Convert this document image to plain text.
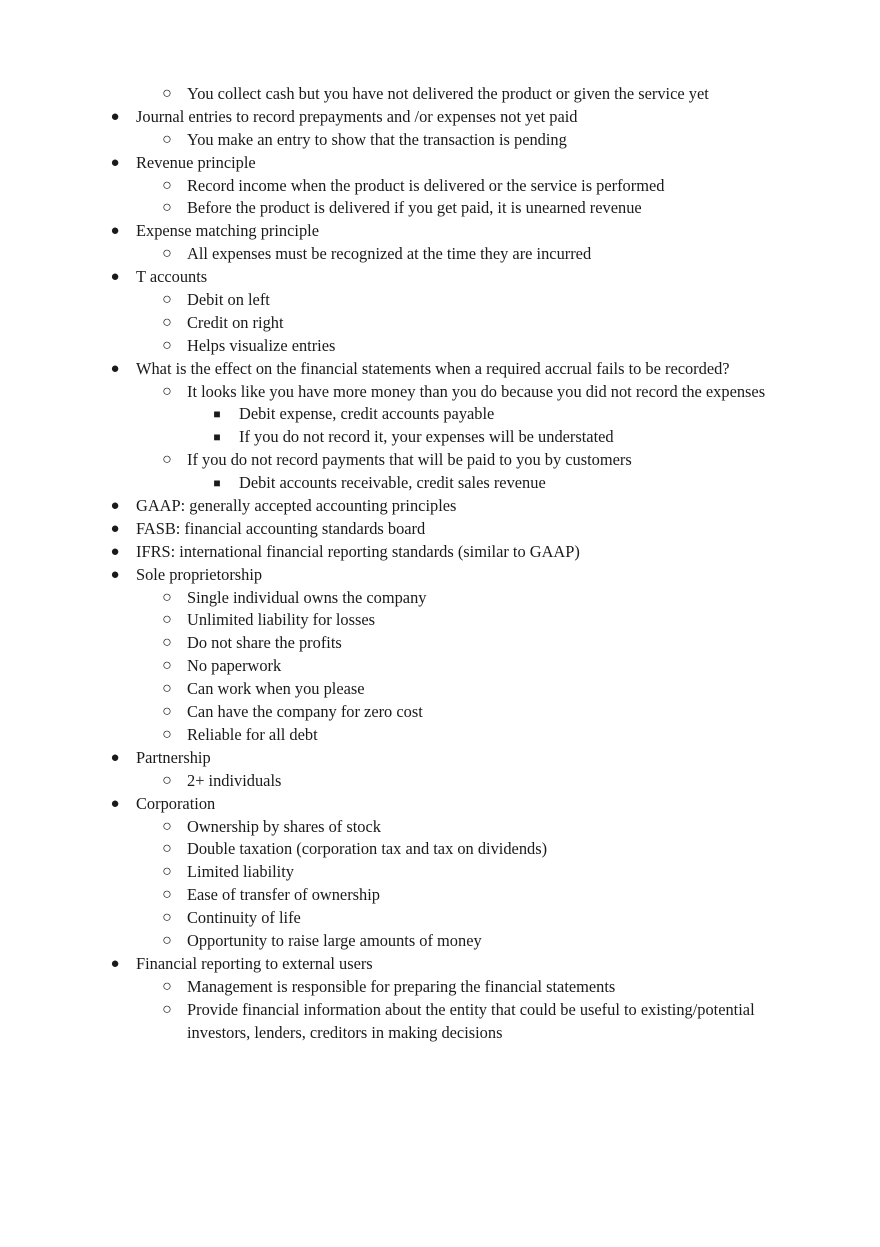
○ You collect cash but you have not delivered the product or given the service yet
●	Journal entries to record prepayments and /or expenses not yet paid
○ You make an entry to show that the transaction is pending
●	Revenue principle
○ Record income when the product is delivered or the service is performed
○ Before the product is delivered if you get paid, it is unearned revenue
●	Expense matching principle
○ All expenses must be recognized at the time they are incurred
●	T accounts
○ Debit on left
○ Credit on right
○ Helps visualize entries
●	What is the effect on the financial statements when a required accrual fails to be recorded?
○ It looks like you have more money than you do because you did not record the expenses
■	Debit expense, credit accounts payable
■	If you do not record it, your expenses will be understated
○ If you do not record payments that will be paid to you by customers
■	Debit accounts receivable, credit sales revenue
●	GAAP: generally accepted accounting principles
●	FASB: financial accounting standards board
●	IFRS: international financial reporting standards (similar to GAAP)
●	Sole proprietorship
○ Single individual owns the company
○ Unlimited liability for losses
○ Do not share the profits
○ No paperwork
○ Can work when you please
○ Can have the company for zero cost
○ Reliable for all debt
●	Partnership
○ 2+ individuals
●	Corporation
○ Ownership by shares of stock
○ Double taxation (corporation tax and tax on dividends)
○ Limited liability
○ Ease of transfer of ownership
○ Continuity of life
○ Opportunity to raise large amounts of money
●	Financial reporting to external users
○ Management is responsible for preparing the financial statements
○ Provide financial information about the entity that could be useful to existing/potential
investors, lenders, creditors in making decisions
